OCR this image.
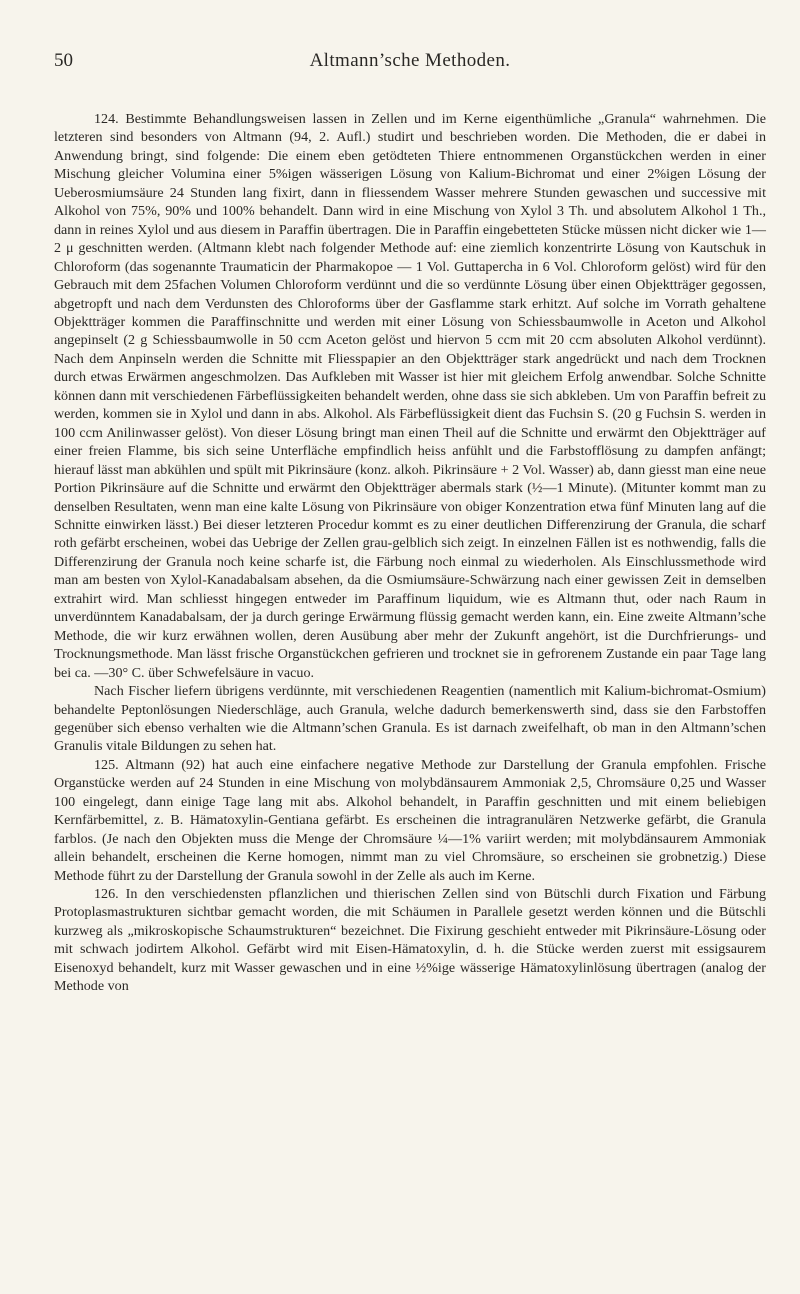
50	Altmann’sche Methoden.

124. Bestimmte Behandlungsweisen lassen in Zellen und im Kerne eigenthümliche „Granula“ wahrnehmen. Die letzteren sind besonders von Altmann (94, 2. Aufl.) studirt und beschrieben worden. Die Methoden, die er dabei in Anwendung bringt, sind folgende: Die einem eben getödteten Thiere entnommenen Organstückchen werden in einer Mischung gleicher Volumina einer 5%igen wässerigen Lösung von Kalium-Bichromat und einer 2%igen Lösung der Ueberosmiumsäure 24 Stunden lang fixirt, dann in fliessendem Wasser mehrere Stunden gewaschen und successive mit Alkohol von 75%, 90% und 100% behandelt. Dann wird in eine Mischung von Xylol 3 Th. und absolutem Alkohol 1 Th., dann in reines Xylol und aus diesem in Paraffin übertragen. Die in Paraffin eingebetteten Stücke müssen nicht dicker wie 1—2 μ geschnitten werden. (Altmann klebt nach folgender Methode auf: eine ziemlich konzentrirte Lösung von Kautschuk in Chloroform (das sogenannte Traumaticin der Pharmakopoe — 1 Vol. Guttapercha in 6 Vol. Chloroform gelöst) wird für den Gebrauch mit dem 25fachen Volumen Chloroform verdünnt und die so verdünnte Lösung über einen Objektträger gegossen, abgetropft und nach dem Verdunsten des Chloroforms über der Gasflamme stark erhitzt. Auf solche im Vorrath gehaltene Objektträger kommen die Paraffinschnitte und werden mit einer Lösung von Schiessbaumwolle in Aceton und Alkohol angepinselt (2 g Schiessbaumwolle in 50 ccm Aceton gelöst und hiervon 5 ccm mit 20 ccm absoluten Alkohol verdünnt). Nach dem Anpinseln werden die Schnitte mit Fliesspapier an den Objektträger stark angedrückt und nach dem Trocknen durch etwas Erwärmen angeschmolzen. Das Aufkleben mit Wasser ist hier mit gleichem Erfolg anwendbar. Solche Schnitte können dann mit verschiedenen Färbeflüssigkeiten behandelt werden, ohne dass sie sich abkleben. Um von Paraffin befreit zu werden, kommen sie in Xylol und dann in abs. Alkohol. Als Färbeflüssigkeit dient das Fuchsin S. (20 g Fuchsin S. werden in 100 ccm Anilinwasser gelöst). Von dieser Lösung bringt man einen Theil auf die Schnitte und erwärmt den Objektträger auf einer freien Flamme, bis sich seine Unterfläche empfindlich heiss anfühlt und die Farbstofflösung zu dampfen anfängt; hierauf lässt man abkühlen und spült mit Pikrinsäure (konz. alkoh. Pikrinsäure + 2 Vol. Wasser) ab, dann giesst man eine neue Portion Pikrinsäure auf die Schnitte und erwärmt den Objektträger abermals stark (½—1 Minute). (Mitunter kommt man zu denselben Resultaten, wenn man eine kalte Lösung von Pikrinsäure von obiger Konzentration etwa fünf Minuten lang auf die Schnitte einwirken lässt.) Bei dieser letzteren Procedur kommt es zu einer deutlichen Differenzirung der Granula, die scharf roth gefärbt erscheinen, wobei das Uebrige der Zellen grau-gelblich sich zeigt. In einzelnen Fällen ist es nothwendig, falls die Differenzirung der Granula noch keine scharfe ist, die Färbung noch einmal zu wiederholen. Als Einschlussmethode wird man am besten von Xylol-Kanadabalsam absehen, da die Osmiumsäure-Schwärzung nach einer gewissen Zeit in demselben extrahirt wird. Man schliesst hingegen entweder im Paraffinum liquidum, wie es Altmann thut, oder nach Raum in unverdünntem Kanadabalsam, der ja durch geringe Erwärmung flüssig gemacht werden kann, ein. Eine zweite Altmann’sche Methode, die wir kurz erwähnen wollen, deren Ausübung aber mehr der Zukunft angehört, ist die Durchfrierungs- und Trocknungsmethode. Man lässt frische Organstückchen gefrieren und trocknet sie in gefrorenem Zustande ein paar Tage lang bei ca. —30° C. über Schwefelsäure in vacuo.

Nach Fischer liefern übrigens verdünnte, mit verschiedenen Reagentien (namentlich mit Kalium-bichromat-Osmium) behandelte Peptonlösungen Niederschläge, auch Granula, welche dadurch bemerkenswerth sind, dass sie den Farbstoffen gegenüber sich ebenso verhalten wie die Altmann’schen Granula. Es ist darnach zweifelhaft, ob man in den Altmann’schen Granulis vitale Bildungen zu sehen hat.

125. Altmann (92) hat auch eine einfachere negative Methode zur Darstellung der Granula empfohlen. Frische Organstücke werden auf 24 Stunden in eine Mischung von molybdänsaurem Ammoniak 2,5, Chromsäure 0,25 und Wasser 100 eingelegt, dann einige Tage lang mit abs. Alkohol behandelt, in Paraffin geschnitten und mit einem beliebigen Kernfärbemittel, z. B. Hämatoxylin-Gentiana gefärbt. Es erscheinen die intragranulären Netzwerke gefärbt, die Granula farblos. (Je nach den Objekten muss die Menge der Chromsäure ¼—1% variirt werden; mit molybdänsaurem Ammoniak allein behandelt, erscheinen die Kerne homogen, nimmt man zu viel Chromsäure, so erscheinen sie grobnetzig.) Diese Methode führt zu der Darstellung der Granula sowohl in der Zelle als auch im Kerne.

126. In den verschiedensten pflanzlichen und thierischen Zellen sind von Bütschli durch Fixation und Färbung Protoplasmastrukturen sichtbar gemacht worden, die mit Schäumen in Parallele gesetzt werden können und die Bütschli kurzweg als „mikroskopische Schaumstrukturen“ bezeichnet. Die Fixirung geschieht entweder mit Pikrinsäure-Lösung oder mit schwach jodirtem Alkohol. Gefärbt wird mit Eisen-Hämatoxylin, d. h. die Stücke werden zuerst mit essigsaurem Eisenoxyd behandelt, kurz mit Wasser gewaschen und in eine ½%ige wässerige Hämatoxylinlösung übertragen (analog der Methode von
